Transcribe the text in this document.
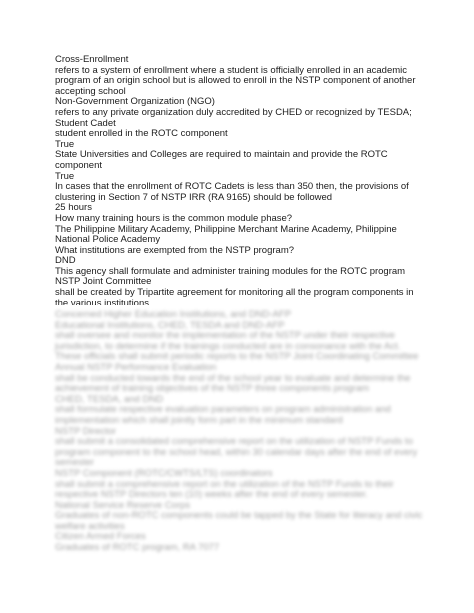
Cross-Enrollment
refers to a system of enrollment where a student is officially enrolled in an academic
program of an origin school but is allowed to enroll in the NSTP component of another
accepting school
Non-Government Organization (NGO)
refers to any private organization duly accredited by CHED or recognized by TESDA;
Student Cadet
student enrolled in the ROTC component
True
State Universities and Colleges are required to maintain and provide the ROTC
component
True
In cases that the enrollment of ROTC Cadets is less than 350 then, the provisions of
clustering in Section 7 of NSTP IRR (RA 9165) should be followed
25 hours
How many training hours is the common module phase?
The Philippine Military Academy, Philippine Merchant Marine Academy, Philippine
National Police Academy
What institutions are exempted from the NSTP program?
DND
This agency shall formulate and administer training modules for the ROTC program
NSTP Joint Committee
shall be created by Tripartite agreement for monitoring all the program components in
the various institutions
Concerned Higher Education Institutions, and DND-AFP
Educational Institutions, CHED, TESDA and DND-AFP
shall oversee and monitor the implementation of the NSTP under their respective
jurisdiction, to determine if the trainings conducted are in consonance with the Act.
These officials shall submit periodic reports to the NSTP Joint Coordinating Committee
Annual NSTP Performance Evaluation
shall be conducted towards the end of the school year to evaluate and determine the
achievement of training objectives of the NSTP three components program
CHED, TESDA, and DND
shall formulate respective evaluation parameters on program administration and
implementation which shall jointly form part in the minimum standard
NSTP Director
shall submit a consolidated comprehensive report on the utilization of NSTP Funds to
program component to the school head, within 30 calendar days after the end of every
semester
NSTP Component (ROTC/CWTS/LTS) coordinators
shall submit a comprehensive report on the utilization of the NSTP Funds to their
respective NSTP Directors ten (10) weeks after the end of every semester.
National Service Reserve Corps
Graduates of non-ROTC components could be tapped by the State for literacy and civic
welfare activities
Citizen Armed Forces
Graduates of ROTC program, RA 7077
